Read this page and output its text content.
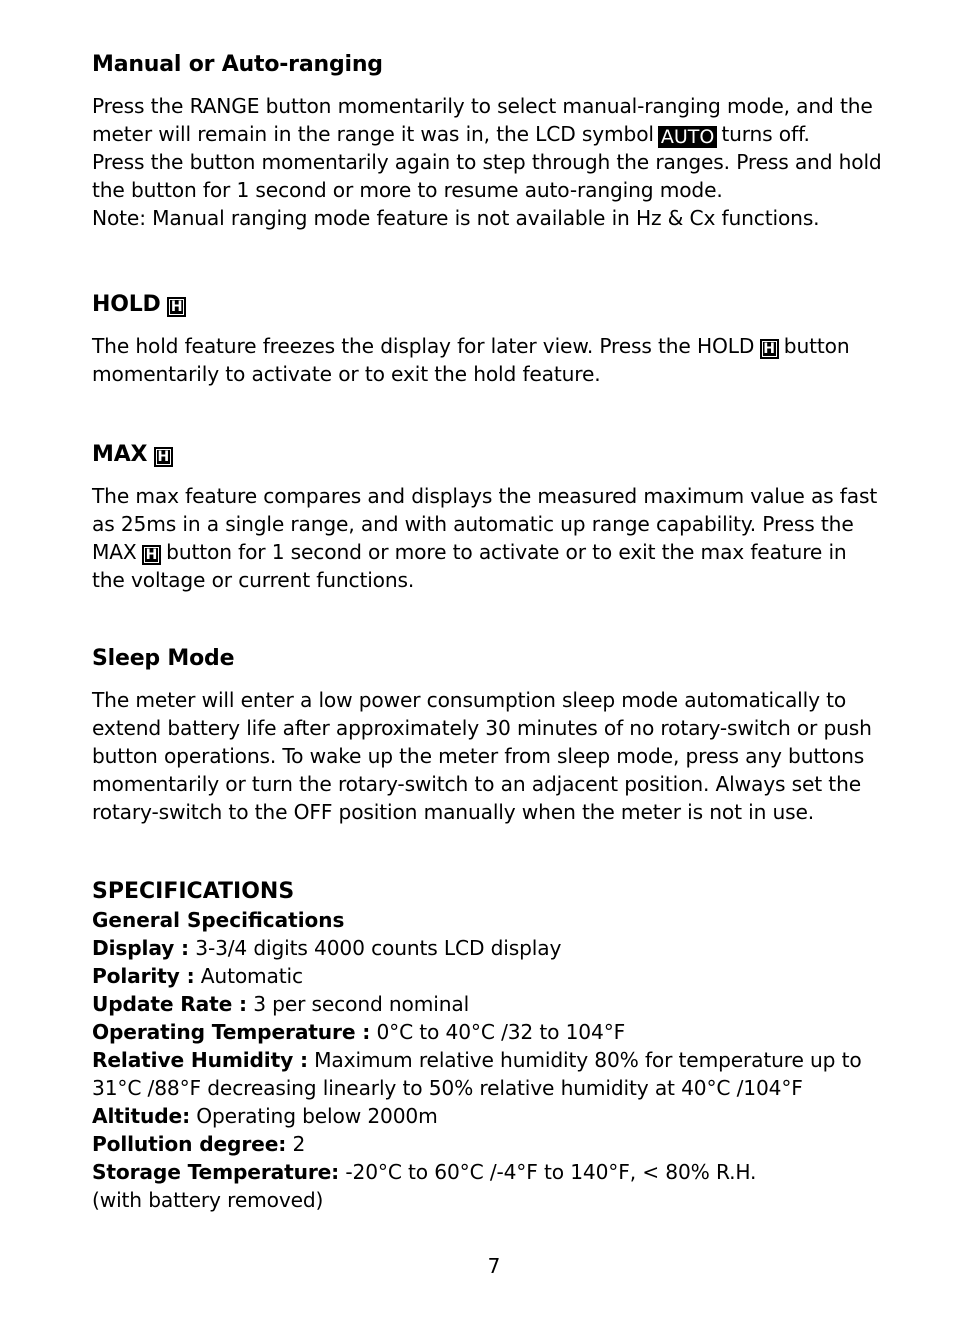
Manual or Auto-ranging

Press the RANGE button momentarily to select manual-ranging mode, and the

meter will remain in the range it was in, the LCD symbol AUTO turns off.

Press the button momentarily again to step through the ranges. Press and hold

the button for 1 second or more to resume auto-ranging mode.

Note: Manual ranging mode feature is not available in Hz & Cx functions.

HOLD H

The hold feature freezes the display for later view. Press the HOLD H button

momentarily to activate or to exit the hold feature.

MAX H

The max feature compares and displays the measured maximum value as fast

as 25ms in a single range, and with automatic up range capability. Press the

MAX H button for 1 second or more to activate or to exit the max feature in

the voltage or current functions.

Sleep Mode

The meter will enter a low power consumption sleep mode automatically to

extend battery life after approximately 30 minutes of no rotary-switch or push

button operations. To wake up the meter from sleep mode, press any buttons

momentarily or turn the rotary-switch to an adjacent position. Always set the

rotary-switch to the OFF position manually when the meter is not in use.

SPECIFICATIONS

General Specifications

Display : 3-3/4 digits 4000 counts LCD display

Polarity : Automatic

Update Rate : 3 per second nominal

Operating Temperature : 0°C to 40°C /32 to 104°F

Relative Humidity : Maximum relative humidity 80% for temperature up to

31°C /88°F decreasing linearly to 50% relative humidity at 40°C /104°F

Altitude: Operating below 2000m

Pollution degree: 2

Storage Temperature: -20°C to 60°C /-4°F to 140°F, < 80% R.H.

(with battery removed)

7
